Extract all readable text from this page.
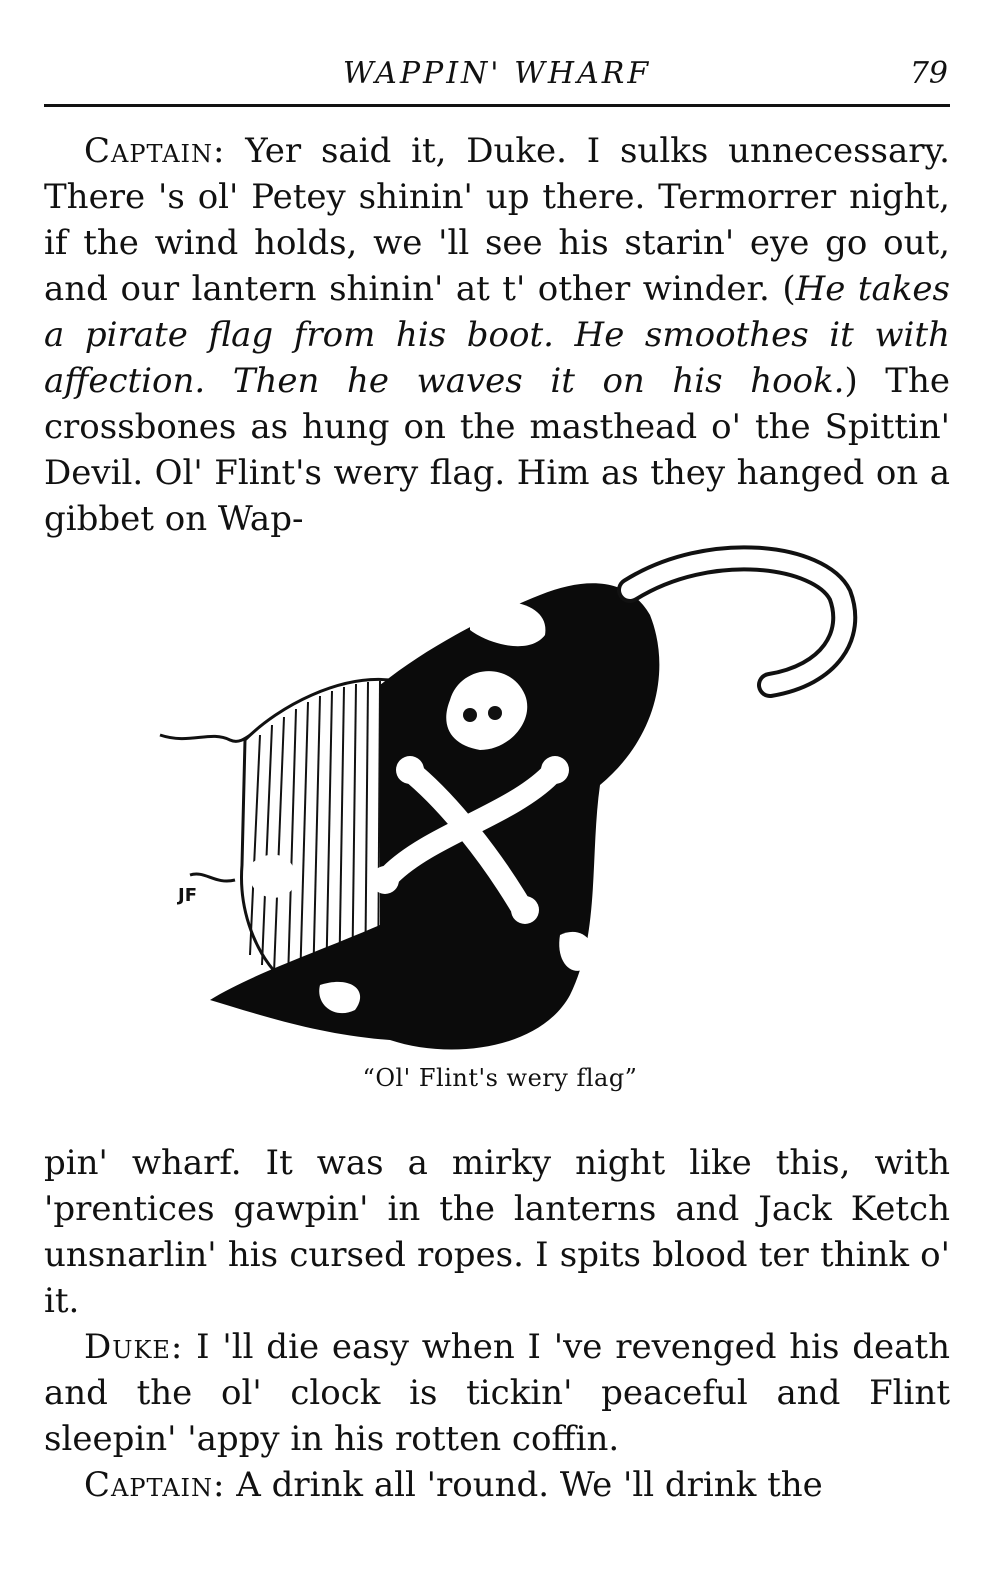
WAPPIN' WHARF	79

Captain: Yer said it, Duke. I sulks unnecessary. There 's ol' Petey shinin' up there. Termorrer night, if the wind holds, we 'll see his starin' eye go out, and our lantern shinin' at t' other winder. (He takes a pirate flag from his boot. He smoothes it with affection. Then he waves it on his hook.) The crossbones as hung on the masthead o' the Spittin' Devil. Ol' Flint's wery flag. Him as they hanged on a gibbet on Wap-

JF
“Ol' Flint's wery flag”

pin' wharf. It was a mirky night like this, with 'prentices gawpin' in the lanterns and Jack Ketch unsnarlin' his cursed ropes. I spits blood ter think o' it.

Duke: I 'll die easy when I 've revenged his death and the ol' clock is tickin' peaceful and Flint sleepin' 'appy in his rotten coffin.

Captain: A drink all 'round. We 'll drink the
